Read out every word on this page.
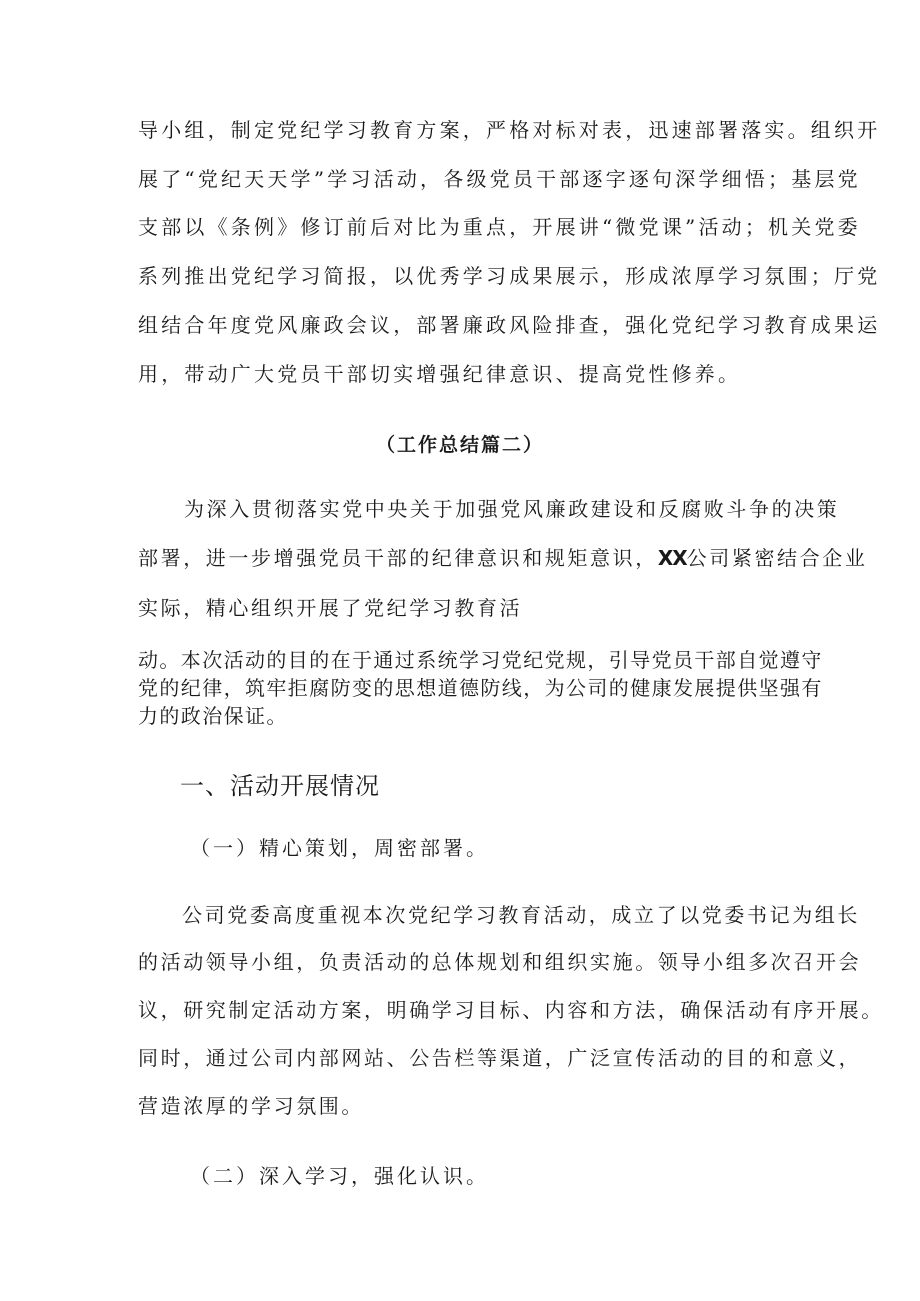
导小组，制定党纪学习教育方案，严格对标对表，迅速部署落实。组织开
展了“党纪天天学”学习活动，各级党员干部逐字逐句深学细悟；基层党
支部以《条例》修订前后对比为重点，开展讲“微党课”活动；机关党委
系列推出党纪学习简报，以优秀学习成果展示，形成浓厚学习氛围；厅党
组结合年度党风廉政会议，部署廉政风险排查，强化党纪学习教育成果运
用，带动广大党员干部切实增强纪律意识、提高党性修养。
（工作总结篇二）
为深入贯彻落实党中央关于加强党风廉政建设和反腐败斗争的决策
部署，进一步增强党员干部的纪律意识和规矩意识，XX公司紧密结合企业
实际，精心组织开展了党纪学习教育活
动。本次活动的目的在于通过系统学习党纪党规，引导党员干部自觉遵守
党的纪律，筑牢拒腐防变的思想道德防线，为公司的健康发展提供坚强有
力的政治保证。
一、活动开展情况
（一）精心策划，周密部署。
公司党委高度重视本次党纪学习教育活动，成立了以党委书记为组长
的活动领导小组，负责活动的总体规划和组织实施。领导小组多次召开会
议，研究制定活动方案，明确学习目标、内容和方法，确保活动有序开展。
同时，通过公司内部网站、公告栏等渠道，广泛宣传活动的目的和意义，
营造浓厚的学习氛围。
（二）深入学习，强化认识。
